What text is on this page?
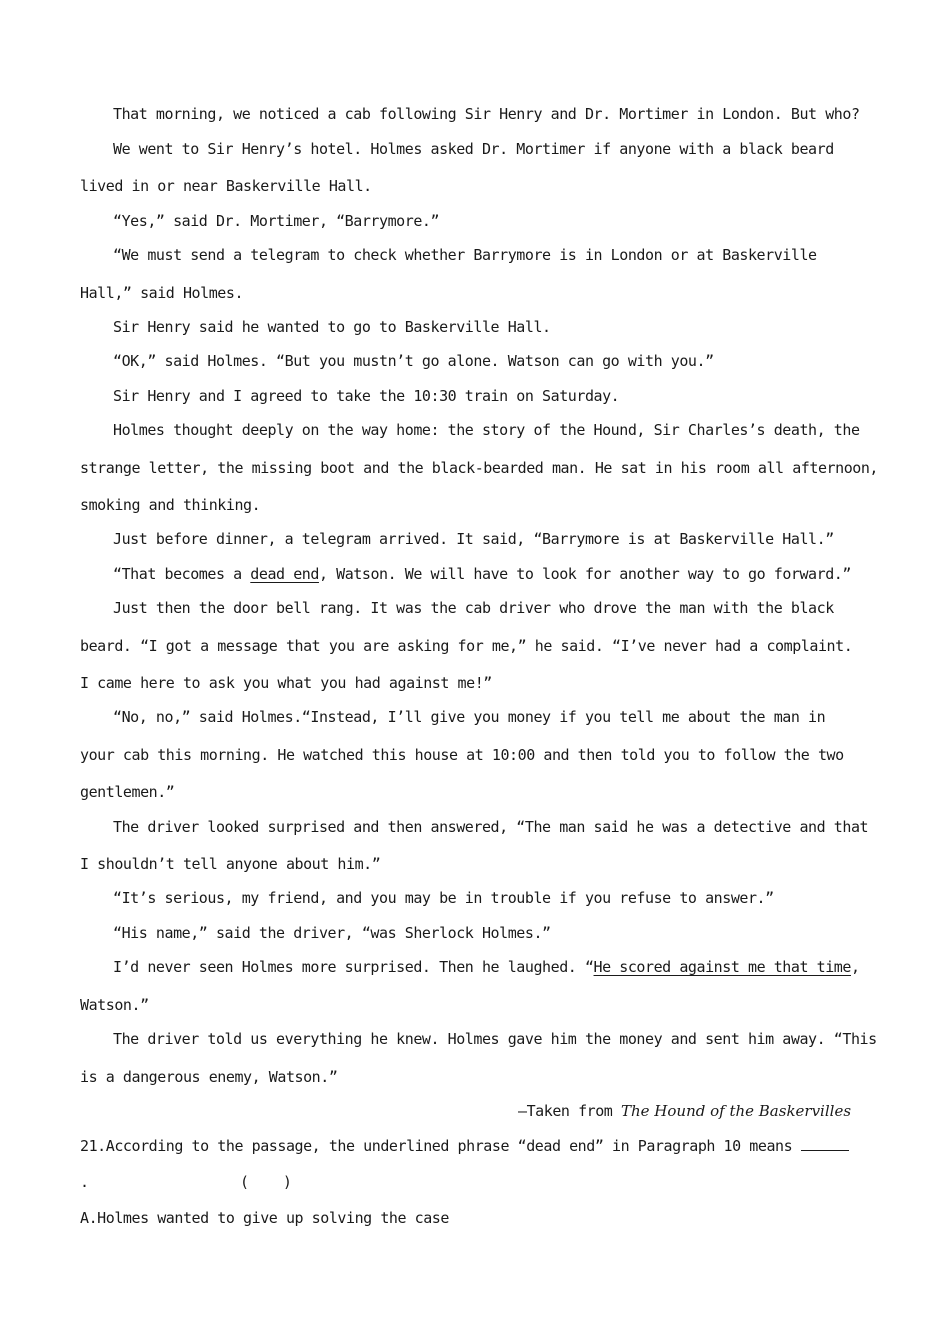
That morning, we noticed a cab following Sir Henry and Dr. Mortimer in London. But who?
We went to Sir Henry’s hotel. Holmes asked Dr. Mortimer if anyone with a black beard
lived in or near Baskerville Hall.
“Yes,” said Dr. Mortimer, “Barrymore.”
“We must send a telegram to check whether Barrymore is in London or at Baskerville
Hall,” said Holmes.
Sir Henry said he wanted to go to Baskerville Hall.
“OK,” said Holmes. “But you mustn’t go alone. Watson can go with you.”
Sir Henry and I agreed to take the 10:30 train on Saturday.
Holmes thought deeply on the way home: the story of the Hound, Sir Charles’s death, the
strange letter, the missing boot and the black-bearded man. He sat in his room all afternoon,
smoking and thinking.
Just before dinner, a telegram arrived. It said, “Barrymore is at Baskerville Hall.”
“That becomes a dead end, Watson. We will have to look for another way to go forward.”
Just then the door bell rang. It was the cab driver who drove the man with the black
beard. “I got a message that you are asking for me,” he said. “I’ve never had a complaint.
I came here to ask you what you had against me!”
“No, no,” said Holmes.“Instead, I’ll give you money if you tell me about the man in
your cab this morning. He watched this house at 10:00 and then told you to follow the two
gentlemen.”
The driver looked surprised and then answered, “The man said he was a detective and that
I shouldn’t tell anyone about him.”
“It’s serious, my friend, and you may be in trouble if you refuse to answer.”
“His name,” said the driver, “was Sherlock Holmes.”
I’d never seen Holmes more surprised. Then he laughed. “He scored against me that time,
Watson.”
The driver told us everything he knew. Holmes gave him the money and sent him away. “This
is a dangerous enemy, Watson.”
—Taken from The Hound of the Baskervilles
21.According to the passage, the underlined phrase “dead end” in Paragraph 10 means
.	(    )
A.Holmes wanted to give up solving the case
